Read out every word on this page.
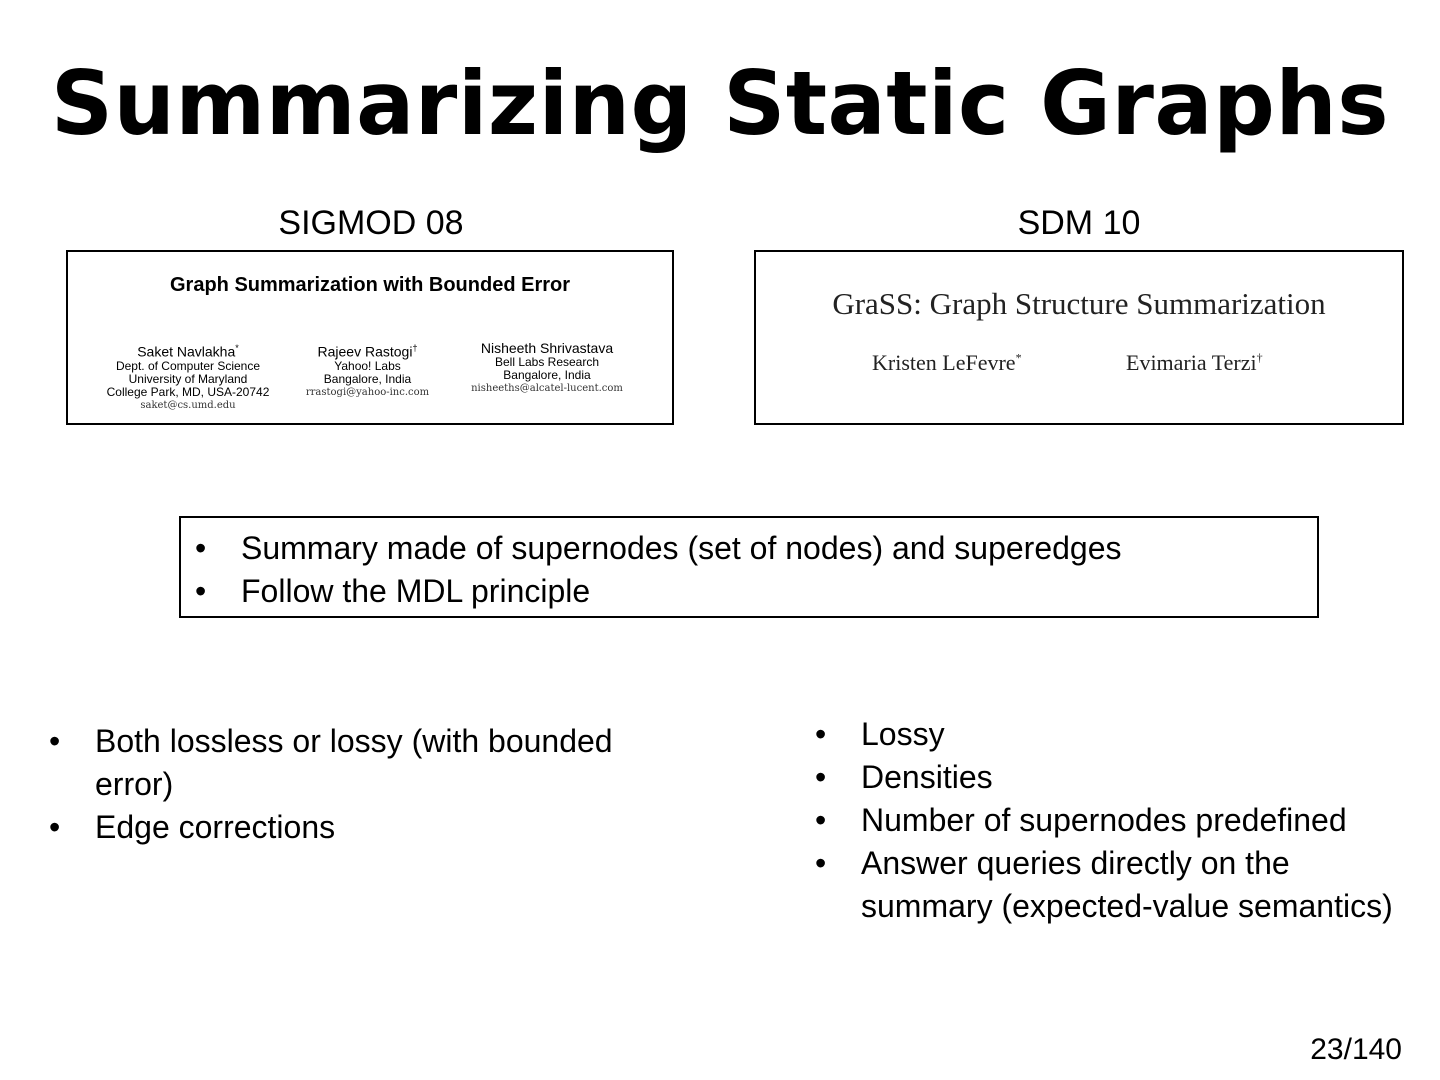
Summarizing Static Graphs
SIGMOD 08	SDM 10
Graph Summarization with Bounded Error
Saket Navlakha*
Dept. of Computer Science
University of Maryland
College Park, MD, USA-20742
saket@cs.umd.edu
Rajeev Rastogi†
Yahoo! Labs
Bangalore, India
rrastogi@yahoo-inc.com
Nisheeth Shrivastava
Bell Labs Research
Bangalore, India
nisheeths@alcatel-lucent.com
GraSS: Graph Structure Summarization
Kristen LeFevre*	Evimaria Terzi†
• Summary made of supernodes (set of nodes) and superedges
• Follow the MDL principle
• Both lossless or lossy (with bounded error)
• Edge corrections
• Lossy
• Densities
• Number of supernodes predefined
• Answer queries directly on the summary (expected-value semantics)
23/140
